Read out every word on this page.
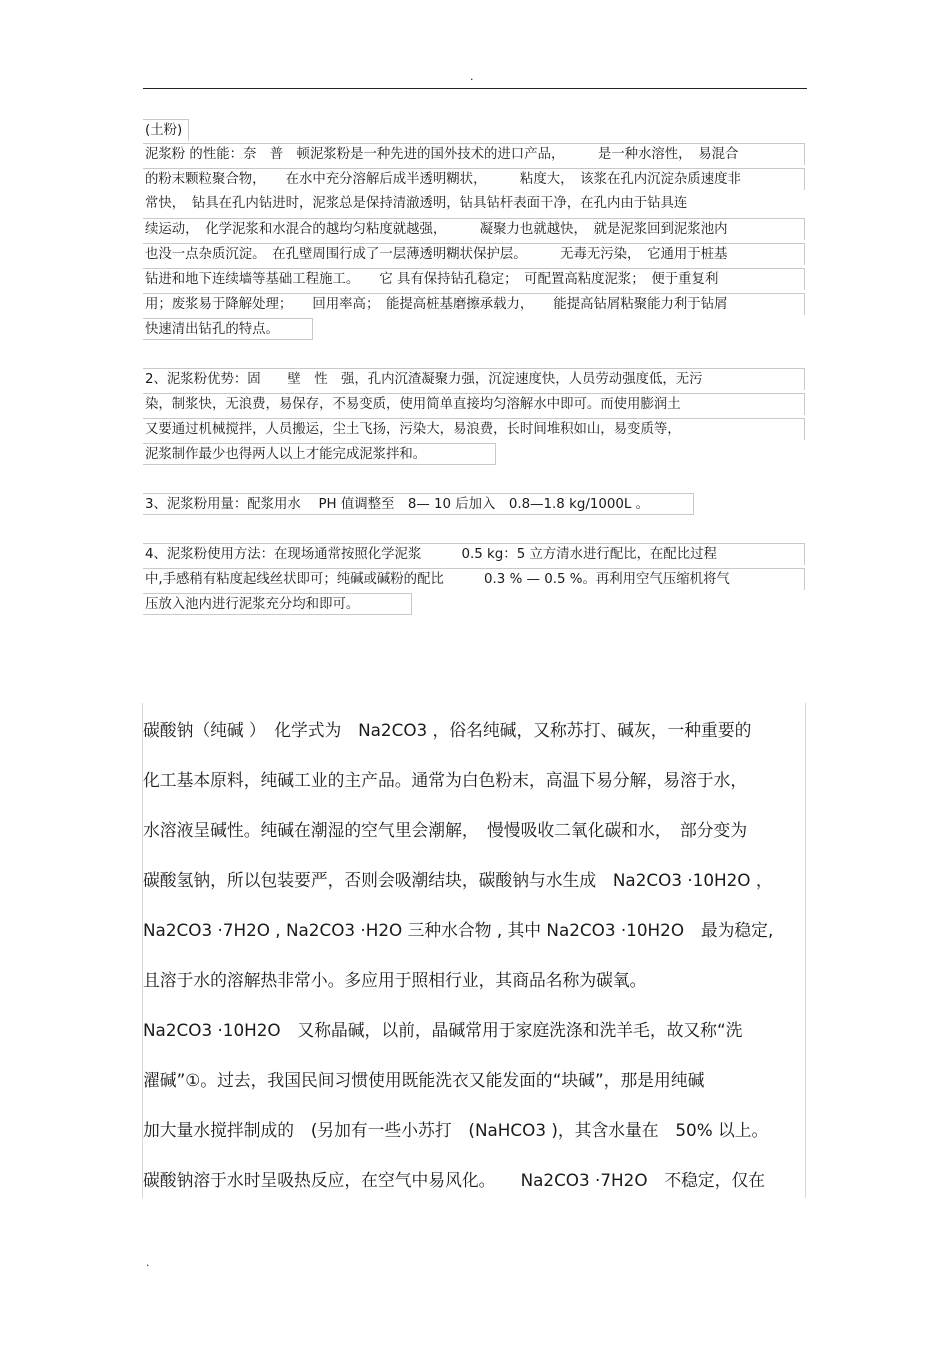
.
(土粉)
泥浆粉 的性能：奈　普　顿泥浆粉是一种先进的国外技术的进口产品，　　　是一种水溶性，　易混合
的粉末颗粒聚合物，　　在水中充分溶解后成半透明糊状，　　　粘度大，　该浆在孔内沉淀杂质速度非
常快，　钻具在孔内钻进时，泥浆总是保持清澈透明，钻具钻杆表面干净，在孔内由于钻具连
续运动，　化学泥浆和水混合的越均匀粘度就越强，　　　凝聚力也就越快，　就是泥浆回到泥浆池内
也没一点杂质沉淀。　在孔壁周围行成了一层薄透明糊状保护层。　　　无毒无污染，　它通用于桩基
钻进和地下连续墙等基础工程施工。　　它 具有保持钻孔稳定；　可配置高粘度泥浆；　便于重复利
用；废浆易于降解处理；　　回用率高；　能提高桩基磨擦承载力，　　能提高钻屑粘聚能力利于钻屑
快速清出钻孔的特点。
2、泥浆粉优势：固　　壁　性　强，孔内沉渣凝聚力强，沉淀速度快，人员劳动强度低，无污
染，制浆快，无浪费，易保存，不易变质，使用简单直接均匀溶解水中即可。而使用膨润土
又要通过机械搅拌，人员搬运，尘土飞扬，污染大，易浪费，长时间堆积如山，易变质等，
泥浆制作最少也得两人以上才能完成泥浆拌和。
3、泥浆粉用量：配浆用水　 PH 值调整至　8— 10 后加入　0.8—1.8 kg/1000L 。
4、泥浆粉使用方法：在现场通常按照化学泥浆　　　0.5 kg：5 立方清水进行配比，在配比过程
中,手感稍有粘度起线丝状即可；纯碱或碱粉的配比　　　0.3 % — 0.5 %。再利用空气压缩机将气
压放入池内进行泥浆充分均和即可。
碳酸钠（纯碱 ）　化学式为　Na2CO3 ，俗名纯碱，又称苏打、碱灰，一种重要的
化工基本原料，纯碱工业的主产品。通常为白色粉末，高温下易分解，易溶于水，
水溶液呈碱性。纯碱在潮湿的空气里会潮解，　慢慢吸收二氧化碳和水，　部分变为
碳酸氢钠，所以包装要严，否则会吸潮结块，碳酸钠与水生成　Na2CO3 ·10H2O ，
Na2CO3 ·7H2O , Na2CO3 ·H2O 三种水合物 , 其中 Na2CO3 ·10H2O　最为稳定,
且溶于水的溶解热非常小。多应用于照相行业，其商品名称为碳氧。
Na2CO3 ·10H2O　又称晶碱，以前，晶碱常用于家庭洗涤和洗羊毛，故又称“洗
濯碱”①。过去，我国民间习惯使用既能洗衣又能发面的“块碱”，那是用纯碱
加大量水搅拌制成的　(另加有一些小苏打　(NaHCO3 )，其含水量在　50% 以上。
碳酸钠溶于水时呈吸热反应，在空气中易风化。　　Na2CO3 ·7H2O　不稳定，仅在
.
